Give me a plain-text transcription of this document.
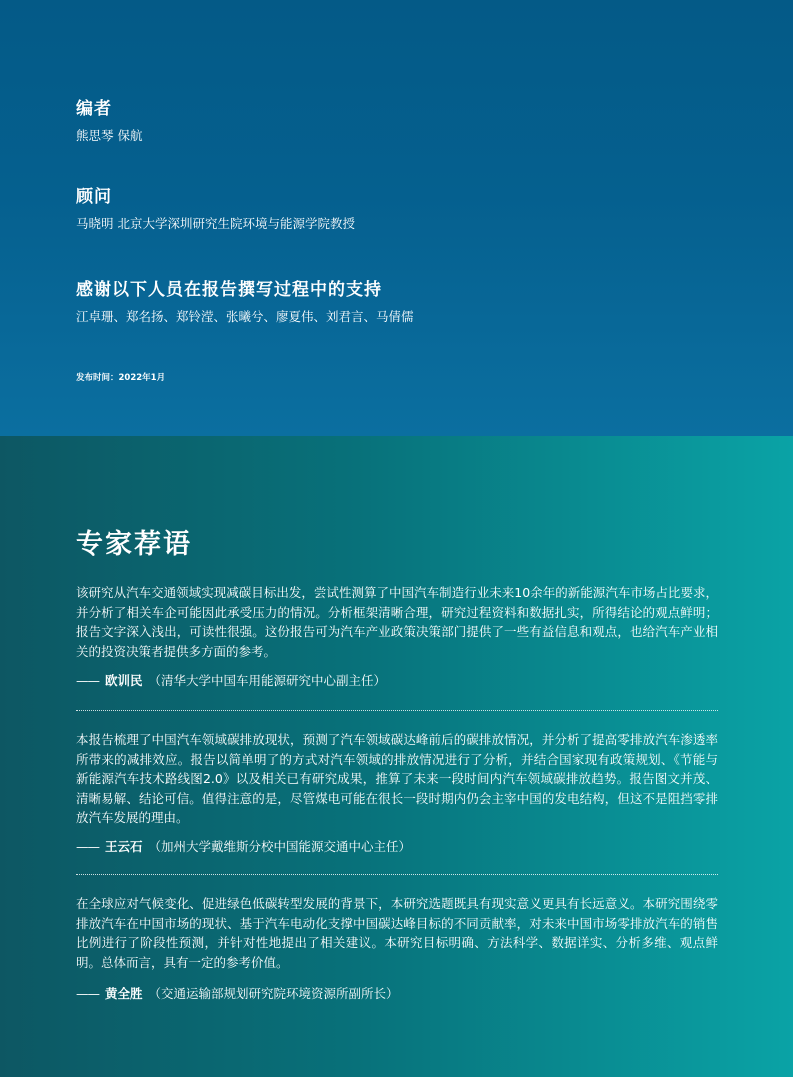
编者
熊思琴 保航
顾问
马晓明 北京大学深圳研究生院环境与能源学院教授
感谢以下人员在报告撰写过程中的支持
江卓珊、郑名扬、郑铃滢、张曦兮、廖夏伟、刘君言、马倩儒
发布时间：2022年1月
专家荐语
该研究从汽车交通领域实现减碳目标出发，尝试性测算了中国汽车制造行业未来10余年的新能源汽车市场占比要求，并分析了相关车企可能因此承受压力的情况。分析框架清晰合理，研究过程资料和数据扎实，所得结论的观点鲜明；报告文字深入浅出，可读性很强。这份报告可为汽车产业政策决策部门提供了一些有益信息和观点，也给汽车产业相关的投资决策者提供多方面的参考。
—— 欧训民 （清华大学中国车用能源研究中心副主任）
本报告梳理了中国汽车领域碳排放现状，预测了汽车领域碳达峰前后的碳排放情况，并分析了提高零排放汽车渗透率所带来的减排效应。报告以简单明了的方式对汽车领域的排放情况进行了分析，并结合国家现有政策规划、《节能与新能源汽车技术路线图2.0》以及相关已有研究成果，推算了未来一段时间内汽车领域碳排放趋势。报告图文并茂、清晰易解、结论可信。值得注意的是，尽管煤电可能在很长一段时期内仍会主宰中国的发电结构，但这不是阻挡零排放汽车发展的理由。
—— 王云石 （加州大学戴维斯分校中国能源交通中心主任）
在全球应对气候变化、促进绿色低碳转型发展的背景下，本研究选题既具有现实意义更具有长远意义。本研究围绕零排放汽车在中国市场的现状、基于汽车电动化支撑中国碳达峰目标的不同贡献率，对未来中国市场零排放汽车的销售比例进行了阶段性预测，并针对性地提出了相关建议。本研究目标明确、方法科学、数据详实、分析多维、观点鲜明。总体而言，具有一定的参考价值。
—— 黄全胜 （交通运输部规划研究院环境资源所副所长）
